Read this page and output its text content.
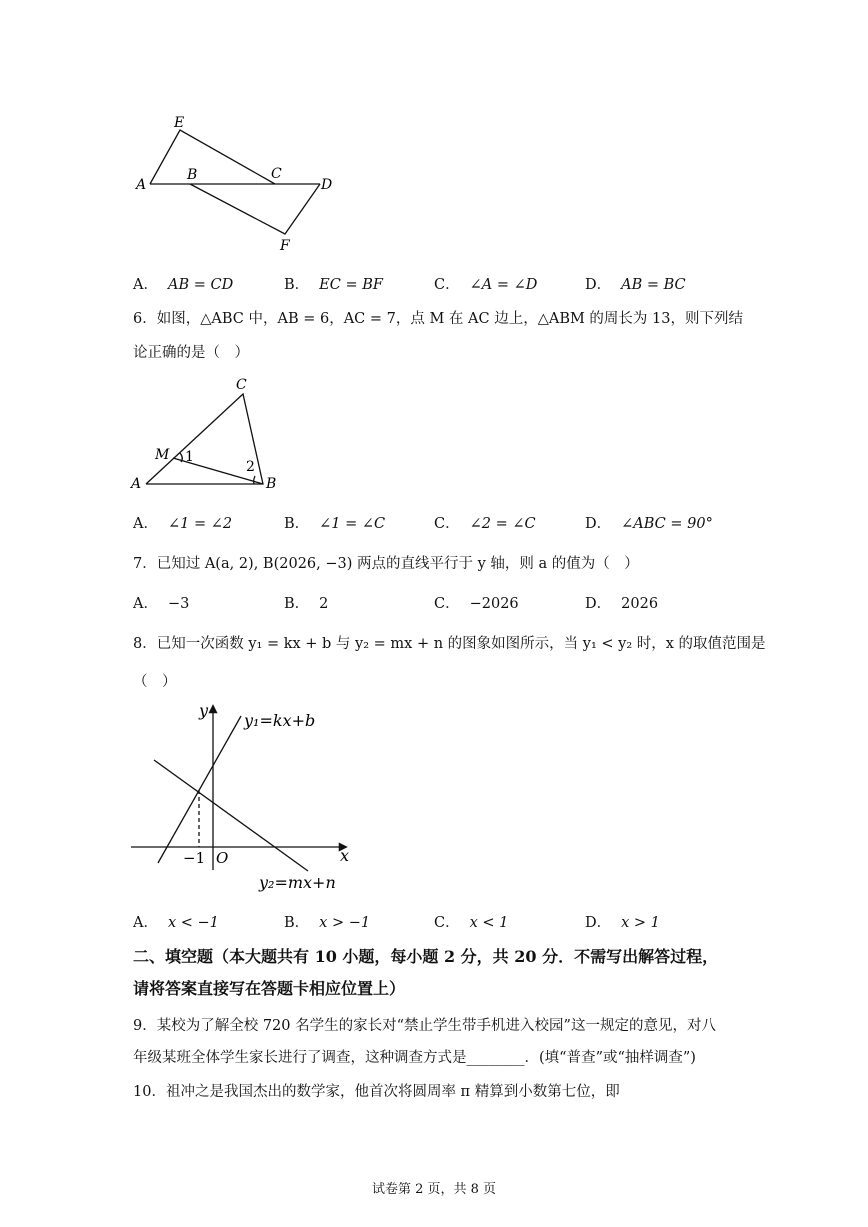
E
A
B	C
D
F
A． AB = CD	B． EC = BF	C． ∠A = ∠D	D． AB = BC
6．如图，△ABC 中，AB = 6，AC = 7，点 M 在 AC 边上，△ABM 的周长为 13，则下列结
论正确的是（　）
C
M
A	B
1
2
A． ∠1 = ∠2	B． ∠1 = ∠C	C． ∠2 = ∠C	D． ∠ABC = 90°
7．已知过 A(a, 2), B(2026, −3) 两点的直线平行于 y 轴，则 a 的值为（　）
A． −3	B． 2	C． −2026	D． 2026
8．已知一次函数 y₁ = kx + b 与 y₂ = mx + n 的图象如图所示，当 y₁ < y₂ 时，x 的取值范围是
（　）
y
x
O
−1
y₁=kx+b
y₂=mx+n
A． x < −1	B． x > −1	C． x < 1	D． x > 1
二、填空题（本大题共有 10 小题，每小题 2 分，共 20 分．不需写出解答过程，
请将答案直接写在答题卡相应位置上）
9．某校为了解全校 720 名学生的家长对“禁止学生带手机进入校园”这一规定的意见，对八
年级某班全体学生家长进行了调查，这种调查方式是________．(填“普查”或“抽样调查”)
10．祖冲之是我国杰出的数学家，他首次将圆周率 π 精算到小数第七位，即
试卷第 2 页，共 8 页
